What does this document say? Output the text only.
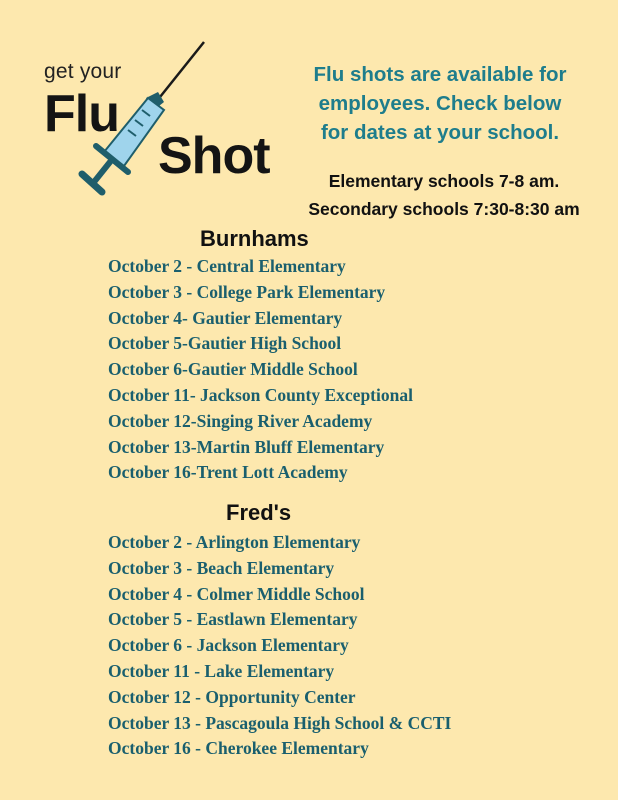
get your
Flu
Shot
Flu shots are available for
employees. Check below
for dates at your school.
Elementary schools 7-8 am.
Secondary schools 7:30-8:30 am
Burnhams
October 2 - Central Elementary
October 3 - College Park Elementary
October 4- Gautier Elementary
October 5-Gautier High School
October 6-Gautier Middle School
October 11- Jackson County Exceptional
October 12-Singing River Academy
October 13-Martin Bluff Elementary
October 16-Trent Lott Academy
Fred's
October 2 - Arlington Elementary
October 3 - Beach Elementary
October 4 - Colmer Middle School
October 5 - Eastlawn Elementary
October 6 - Jackson Elementary
October 11 - Lake Elementary
October 12 - Opportunity Center
October 13 - Pascagoula High School & CCTI
October 16 - Cherokee Elementary
